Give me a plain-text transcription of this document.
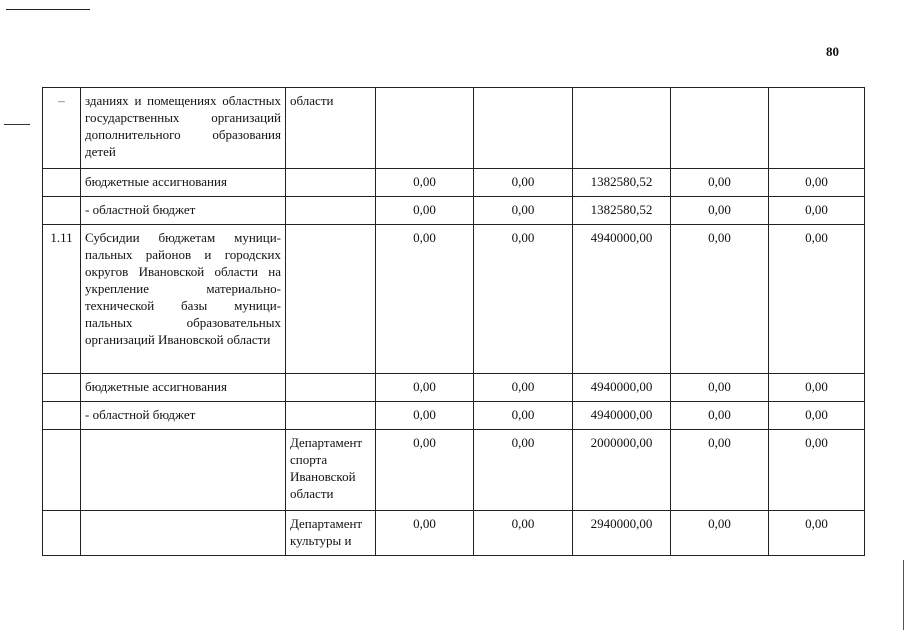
80
–	зданиях и помещениях областных государственных организаций дополнительного образования детей	области					
	бюджетные ассигнования		0,00	0,00	1382580,52	0,00	0,00
	- областной бюджет		0,00	0,00	1382580,52	0,00	0,00
1.11	Субсидии бюджетам муници-пальных районов и городских округов Ивановской области на укрепление материально-технической базы муници-пальных образовательных организаций Ивановской области		0,00	0,00	4940000,00	0,00	0,00
	бюджетные ассигнования		0,00	0,00	4940000,00	0,00	0,00
	- областной бюджет		0,00	0,00	4940000,00	0,00	0,00
		Департамент спорта Ивановской области	0,00	0,00	2000000,00	0,00	0,00
		Департамент культуры и	0,00	0,00	2940000,00	0,00	0,00
